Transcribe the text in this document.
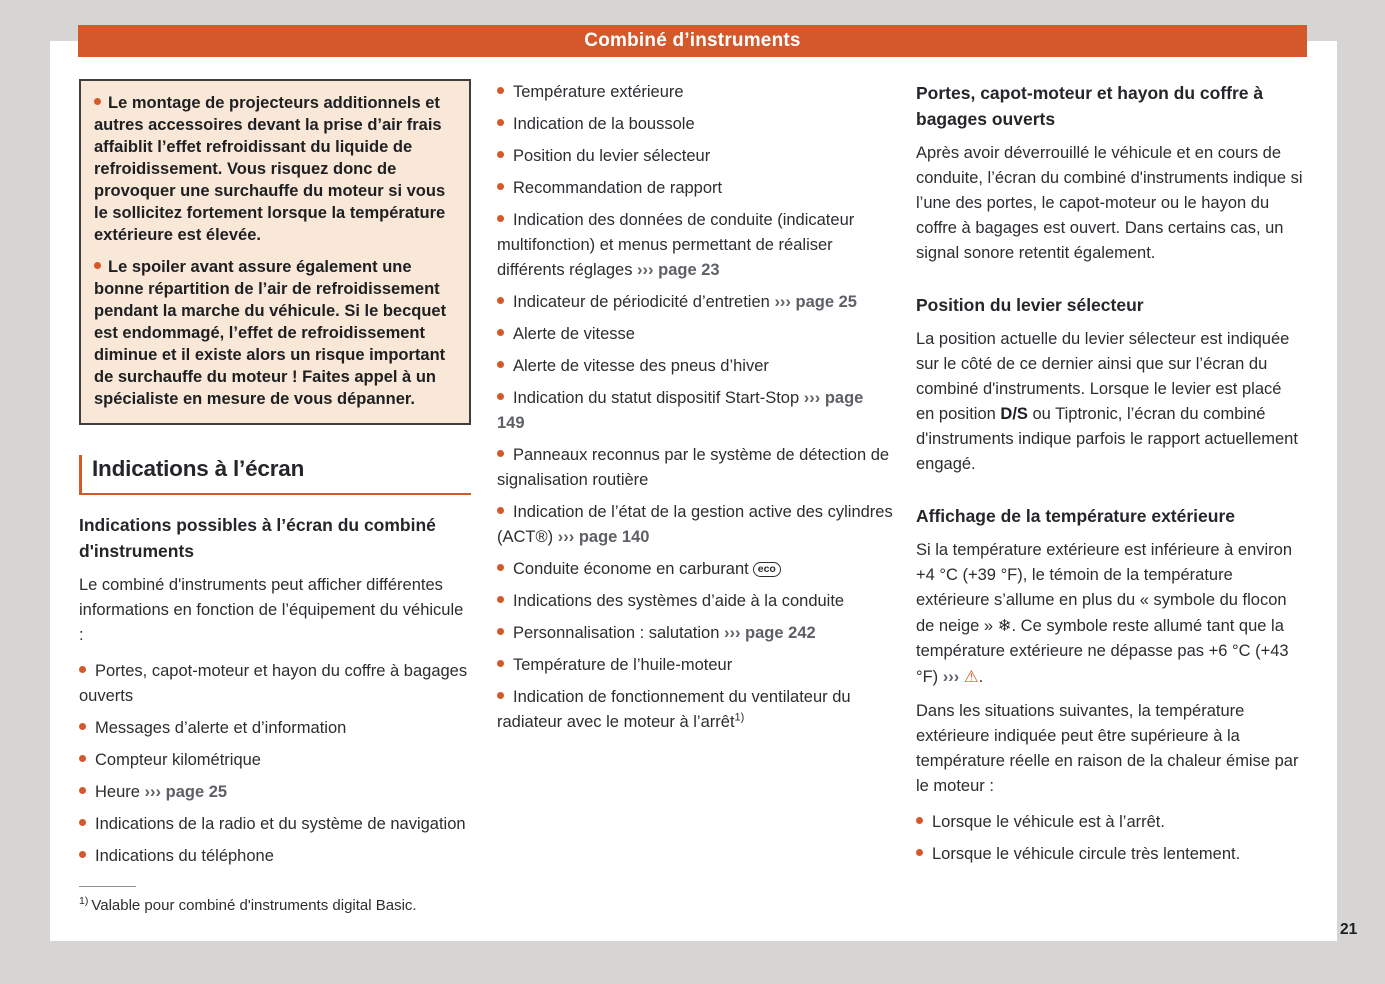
Combiné d’instruments

Le montage de projecteurs additionnels et autres accessoires devant la prise d’air frais affaiblit l’effet refroidissant du liquide de refroidissement. Vous risquez donc de provoquer une surchauffe du moteur si vous le sollicitez fortement lorsque la température extérieure est élevée.

Le spoiler avant assure également une bonne répartition de l’air de refroidissement pendant la marche du véhicule. Si le becquet est endommagé, l’effet de refroidissement diminue et il existe alors un risque important de surchauffe du moteur ! Faites appel à un spécialiste en mesure de vous dépanner.

Indications à l’écran
Indications possibles à l’écran du combiné d'instruments

Le combiné d'instruments peut afficher différentes informations en fonction de l’équipement du véhicule :

Portes, capot-moteur et hayon du coffre à bagages ouverts

Messages d’alerte et d’information

Compteur kilométrique

Heure ››› page 25

Indications de la radio et du système de navigation

Indications du téléphone

$^{1)}$ Valable pour combiné d'instruments digital Basic.

Température extérieure

Indication de la boussole

Position du levier sélecteur

Recommandation de rapport

Indication des données de conduite (indicateur multifonction) et menus permettant de réaliser différents réglages ››› page 23

Indicateur de périodicité d’entretien ››› page 25

Alerte de vitesse

Alerte de vitesse des pneus d’hiver

Indication du statut dispositif Start-Stop ››› page 149

Panneaux reconnus par le système de détection de signalisation routière

Indication de l’état de la gestion active des cylindres (ACT®) ››› page 140

Conduite économe en carburant eco

Indications des systèmes d’aide à la conduite

Personnalisation : salutation ››› page 242

Température de l’huile-moteur

Indication de fonctionnement du ventilateur du radiateur avec le moteur à l’arrêt$^{1)}$

Portes, capot-moteur et hayon du coffre à bagages ouverts

Après avoir déverrouillé le véhicule et en cours de conduite, l’écran du combiné d'instruments indique si l’une des portes, le capot-moteur ou le hayon du coffre à bagages est ouvert. Dans certains cas, un signal sonore retentit également.

Position du levier sélecteur

La position actuelle du levier sélecteur est indiquée sur le côté de ce dernier ainsi que sur l’écran du combiné d'instruments. Lorsque le levier est placé en position D/S ou Tiptronic, l’écran du combiné d'instruments indique parfois le rapport actuellement engagé.

Affichage de la température extérieure

Si la température extérieure est inférieure à environ +4 °C (+39 °F), le témoin de la température extérieure s’allume en plus du « symbole du flocon de neige » ❄. Ce symbole reste allumé tant que la température extérieure ne dépasse pas +6 °C (+43 °F) ››› ⚠.

Dans les situations suivantes, la température extérieure indiquée peut être supérieure à la température réelle en raison de la chaleur émise par le moteur :

Lorsque le véhicule est à l’arrêt.

Lorsque le véhicule circule très lentement.

21
